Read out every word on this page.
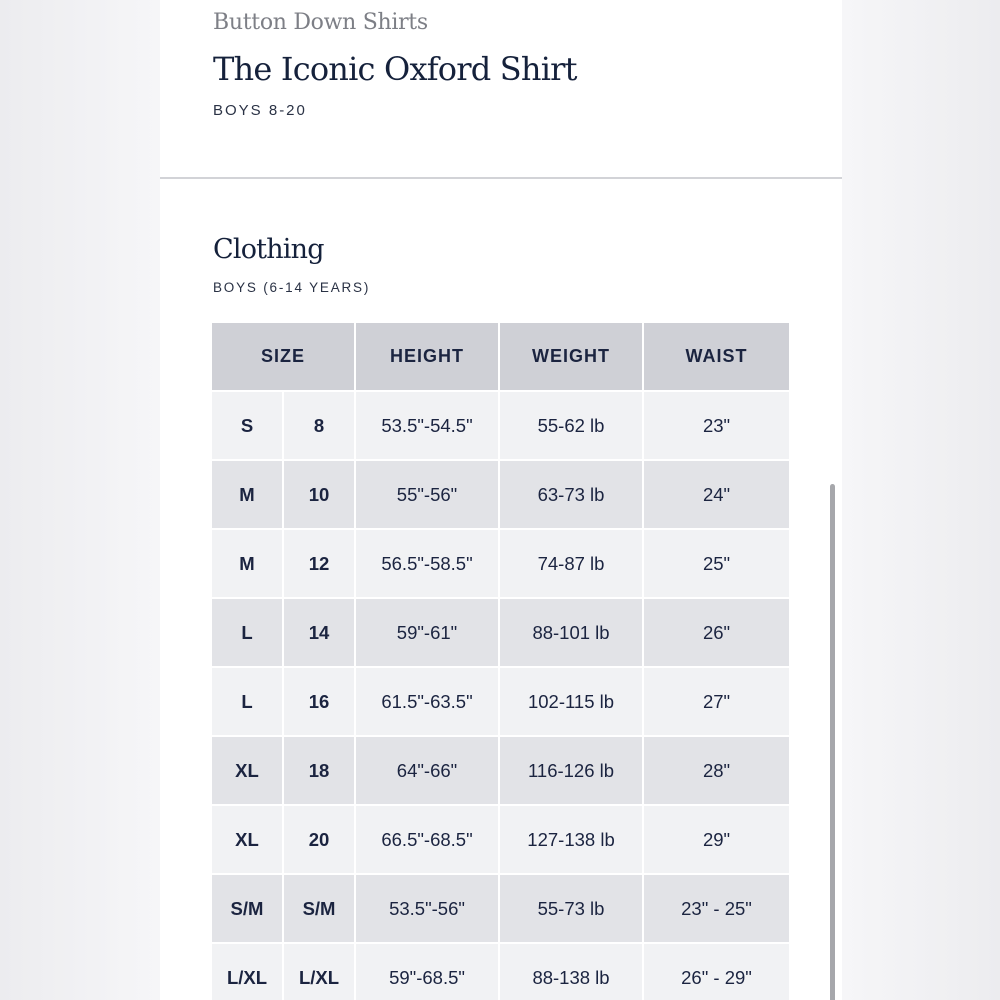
Button Down Shirts
The Iconic Oxford Shirt
BOYS 8-20
Clothing
BOYS (6-14 YEARS)
SIZE		HEIGHT	WEIGHT	WAIST
S	8	53.5"-54.5"	55-62 lb	23"
M	10	55"-56"	63-73 lb	24"
M	12	56.5"-58.5"	74-87 lb	25"
L	14	59"-61"	88-101 lb	26"
L	16	61.5"-63.5"	102-115 lb	27"
XL	18	64"-66"	116-126 lb	28"
XL	20	66.5"-68.5"	127-138 lb	29"
S/M	S/M	53.5"-56"	55-73 lb	23" - 25"
L/XL	L/XL	59"-68.5"	88-138 lb	26" - 29"
